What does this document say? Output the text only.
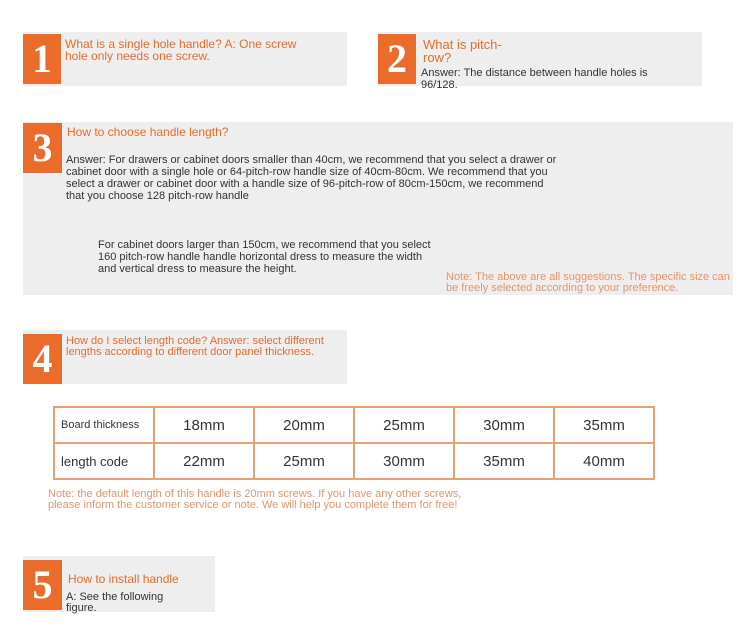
1	What is a single hole handle? A: One screw hole only needs one screw.	2	What is pitch-row?
Answer: The distance between handle holes is 96/128.
3	How to choose handle length?
Answer: For drawers or cabinet doors smaller than 40cm, we recommend that you select a drawer or cabinet door with a single hole or 64-pitch-row handle size of 40cm-80cm. We recommend that you select a drawer or cabinet door with a handle size of 96-pitch-row of 80cm-150cm, we recommend that you choose 128 pitch-row handle
For cabinet doors larger than 150cm, we recommend that you select 160 pitch-row handle handle horizontal dress to measure the width and vertical dress to measure the height.
Note: The above are all suggestions. The specific size can be freely selected according to your preference.
4	How do I select length code? Answer: select different lengths according to different door panel thickness.
Board thickness	18mm	20mm	25mm	30mm	35mm
length code	22mm	25mm	30mm	35mm	40mm
Note: the default length of this handle is 20mm screws. If you have any other screws, please inform the customer service or note. We will help you complete them for free!
5	How to install handle
A: See the following figure.
